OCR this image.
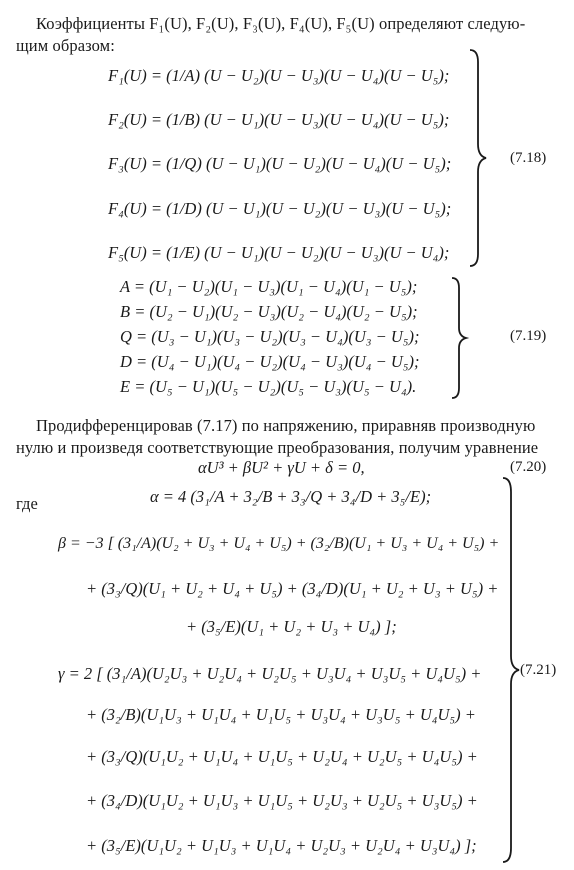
Коэффициенты F₁(U), F₂(U), F₃(U), F₄(U), F₅(U) определяют следую-
щим образом:
F₁(U) = (1/A) (U − U₂)(U − U₃)(U − U₄)(U − U₅);
F₂(U) = (1/B) (U − U₁)(U − U₃)(U − U₄)(U − U₅);
F₃(U) = (1/Q) (U − U₁)(U − U₂)(U − U₄)(U − U₅);
F₄(U) = (1/D) (U − U₁)(U − U₂)(U − U₃)(U − U₅);
F₅(U) = (1/E) (U − U₁)(U − U₂)(U − U₃)(U − U₄);
(7.18)
A = (U₁ − U₂)(U₁ − U₃)(U₁ − U₄)(U₁ − U₅);
B = (U₂ − U₁)(U₂ − U₃)(U₂ − U₄)(U₂ − U₅);
Q = (U₃ − U₁)(U₃ − U₂)(U₃ − U₄)(U₃ − U₅);
D = (U₄ − U₁)(U₄ − U₂)(U₄ − U₃)(U₄ − U₅);
E = (U₅ − U₁)(U₅ − U₂)(U₅ − U₃)(U₅ − U₄).
(7.19)
Продифференцировав (7.17) по напряжению, приравняв производную
нулю и произведя соответствующие преобразования, получим уравнение
αU³ + βU² + γU + δ = 0,	(7.20)
где	α = 4 (3₁/A + 3₂/B + 3₃/Q + 3₄/D + 3₅/E);
β = −3 [ (3₁/A)(U₂ + U₃ + U₄ + U₅) + (3₂/B)(U₁ + U₃ + U₄ + U₅) +
+ (3₃/Q)(U₁ + U₂ + U₄ + U₅) + (3₄/D)(U₁ + U₂ + U₃ + U₅) +
+ (3₅/E)(U₁ + U₂ + U₃ + U₄) ];
γ = 2 [ (3₁/A)(U₂U₃ + U₂U₄ + U₂U₅ + U₃U₄ + U₃U₅ + U₄U₅) +
+ (3₂/B)(U₁U₃ + U₁U₄ + U₁U₅ + U₃U₄ + U₃U₅ + U₄U₅) +
+ (3₃/Q)(U₁U₂ + U₁U₄ + U₁U₅ + U₂U₄ + U₂U₅ + U₄U₅) +
+ (3₄/D)(U₁U₂ + U₁U₃ + U₁U₅ + U₂U₃ + U₂U₅ + U₃U₅) +
+ (3₅/E)(U₁U₂ + U₁U₃ + U₁U₄ + U₂U₃ + U₂U₄ + U₃U₄) ];
(7.21)
